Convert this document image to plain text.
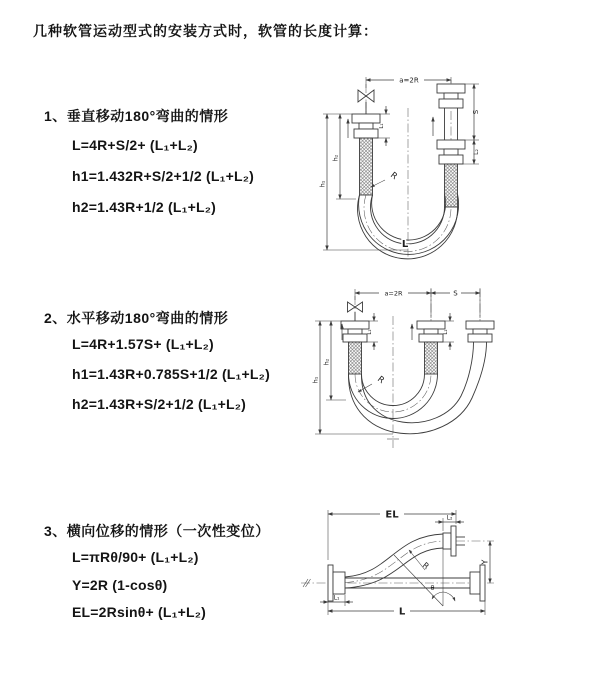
几种软管运动型式的安装方式时，软管的长度计算：
1、垂直移动180°弯曲的情形
L=4R+S/2+ (L₁+L₂)
h1=1.432R+S/2+1/2 (L₁+L₂)
h2=1.43R+1/2 (L₁+L₂)
a=2R
S
L₂
h₂
h₁
L₁
R
L
2、水平移动180°弯曲的情形
L=4R+1.57S+ (L₁+L₂)
h1=1.43R+0.785S+1/2 (L₁+L₂)
h2=1.43R+S/2+1/2 (L₁+L₂)
a=2R	S
h₂
h₁
L₁	L₁
R
3、横向位移的情形（一次性变位）
L=πRθ/90+ (L₁+L₂)
Y=2R (1-cosθ)
EL=2Rsinθ+ (L₁+L₂)
EL	L₂
Y
L
L₁
R
θ
